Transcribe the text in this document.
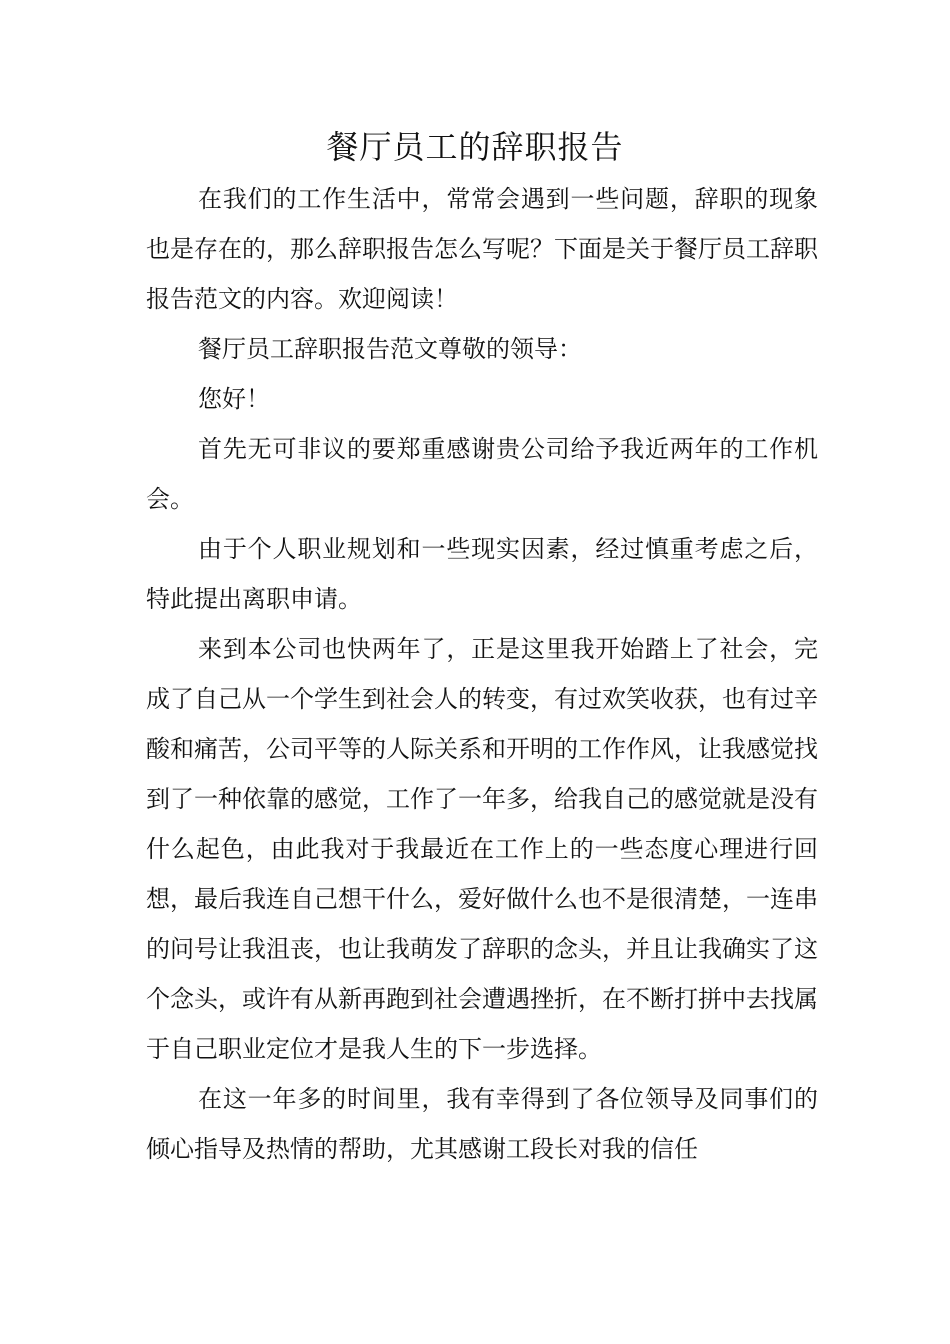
餐厅员工的辞职报告

在我们的工作生活中，常常会遇到一些问题，辞职的现象也是存在的，那么辞职报告怎么写呢？下面是关于餐厅员工辞职报告范文的内容。欢迎阅读！

餐厅员工辞职报告范文尊敬的领导：

您好！

首先无可非议的要郑重感谢贵公司给予我近两年的工作机会。

由于个人职业规划和一些现实因素，经过慎重考虑之后，特此提出离职申请。

来到本公司也快两年了，正是这里我开始踏上了社会，完成了自己从一个学生到社会人的转变，有过欢笑收获，也有过辛酸和痛苦，公司平等的人际关系和开明的工作作风，让我感觉找到了一种依靠的感觉，工作了一年多，给我自己的感觉就是没有什么起色，由此我对于我最近在工作上的一些态度心理进行回想，最后我连自己想干什么，爱好做什么也不是很清楚，一连串的问号让我沮丧，也让我萌发了辞职的念头，并且让我确实了这个念头，或许有从新再跑到社会遭遇挫折，在不断打拼中去找属于自己职业定位才是我人生的下一步选择。

在这一年多的时间里，我有幸得到了各位领导及同事们的倾心指导及热情的帮助，尤其感谢工段长对我的信任
